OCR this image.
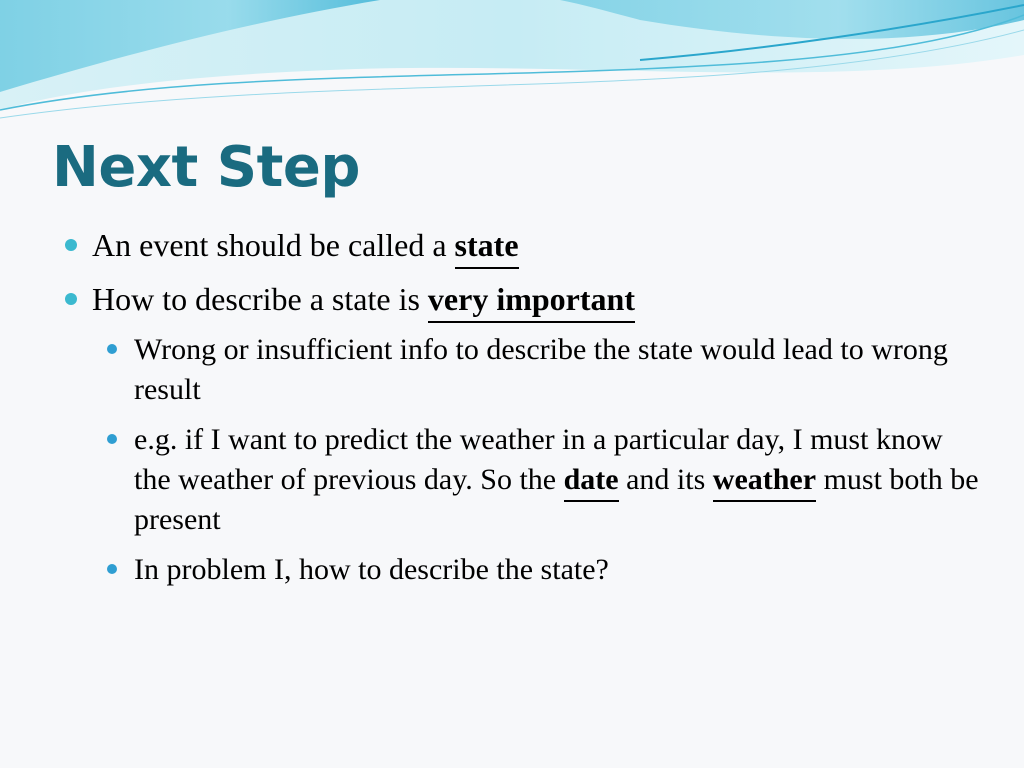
Next Step
An event should be called a state
How to describe a state is very important
Wrong or insufficient info to describe the state would lead to wrong result
e.g. if I want to predict the weather in a particular day, I must know the weather of previous day. So the date and its weather must both be present
In problem I, how to describe the state?
